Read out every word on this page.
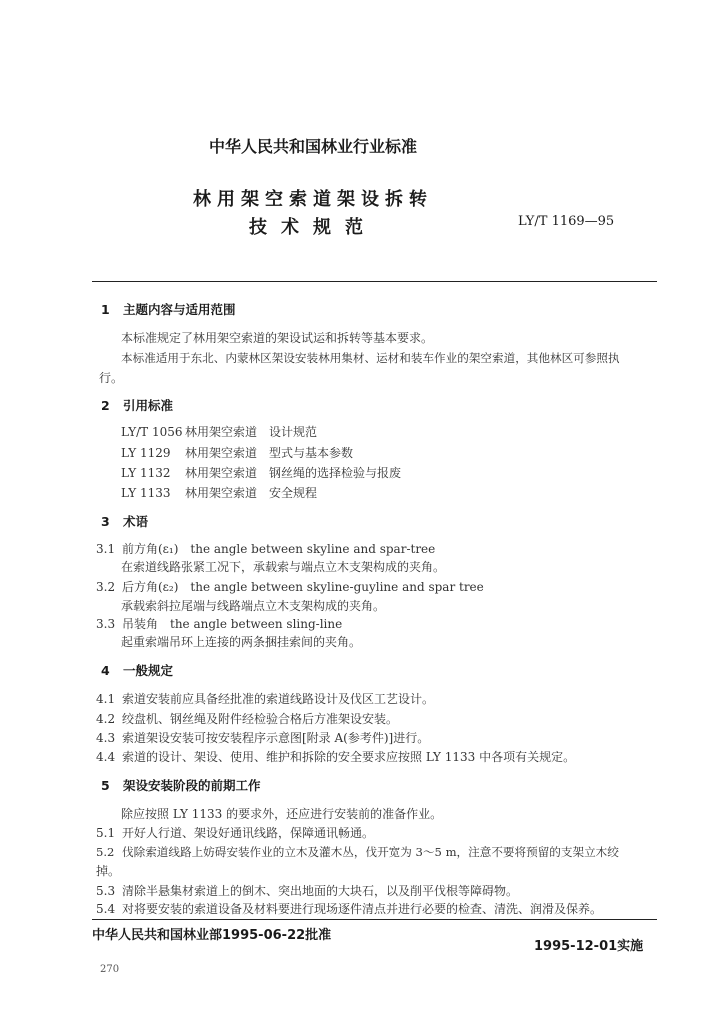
中华人民共和国林业行业标准
林用架空索道架设拆转
技术规范	LY/T 1169—95
1 主题内容与适用范围
本标准规定了林用架空索道的架设试运和拆转等基本要求。
本标准适用于东北、内蒙林区架设安装林用集材、运材和装车作业的架空索道，其他林区可参照执
行。
2 引用标准
LY/T 1056 林用架空索道　设计规范
LY 1129 林用架空索道　型式与基本参数
LY 1132 林用架空索道　钢丝绳的选择检验与报废
LY 1133 林用架空索道　安全规程
3 术语
3.1 前方角(ε₁)　the angle between skyline and spar-tree
在索道线路张紧工况下，承载索与端点立木支架构成的夹角。
3.2 后方角(ε₂)　the angle between skyline-guyline and spar tree
承载索斜拉尾端与线路端点立木支架构成的夹角。
3.3 吊装角　the angle between sling-line
起重索端吊环上连接的两条捆挂索间的夹角。
4 一般规定
4.1 索道安装前应具备经批准的索道线路设计及伐区工艺设计。
4.2 绞盘机、钢丝绳及附件经检验合格后方准架设安装。
4.3 索道架设安装可按安装程序示意图[附录 A(参考件)]进行。
4.4 索道的设计、架设、使用、维护和拆除的安全要求应按照 LY 1133 中各项有关规定。
5 架设安装阶段的前期工作
除应按照 LY 1133 的要求外，还应进行安装前的准备作业。
5.1 开好人行道、架设好通讯线路，保障通讯畅通。
5.2 伐除索道线路上妨碍安装作业的立木及灌木丛，伐开宽为 3～5 m，注意不要将预留的支架立木绞
掉。
5.3 清除半悬集材索道上的倒木、突出地面的大块石，以及削平伐根等障碍物。
5.4 对将要安装的索道设备及材料要进行现场逐件清点并进行必要的检查、清洗、润滑及保养。
中华人民共和国林业部1995-06-22批准
1995-12-01实施
270
